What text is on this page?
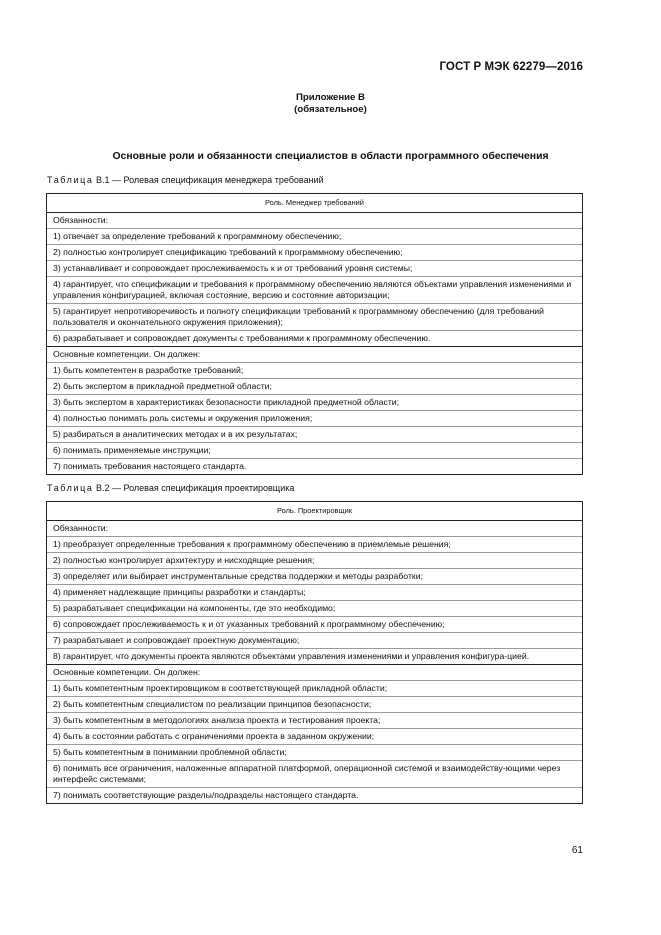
ГОСТ Р МЭК 62279—2016
Приложение В
(обязательное)
Основные роли и обязанности специалистов в области программного обеспечения
Таблица В.1 — Ролевая спецификация менеджера требований
Роль. Менеджер требований

Обязанности:
1) отвечает за определение требований к программному обеспечению;
2) полностью контролирует спецификацию требований к программному обеспечению;
3) устанавливает и сопровождает прослеживаемость к и от требований уровня системы;
4) гарантирует, что спецификации и требования к программному обеспечению являются объектами управления изменениями и управления конфигурацией, включая состояние, версию и состояние авторизации;
5) гарантирует непротиворечивость и полноту спецификации требований к программному обеспечению (для требований пользователя и окончательного окружения приложения);
6) разрабатывает и сопровождает документы с требованиями к программному обеспечению.

Основные компетенции. Он должен:
1) быть компетентен в разработке требований;
2) быть экспертом в прикладной предметной области;
3) быть экспертом в характеристиках безопасности прикладной предметной области;
4) полностью понимать роль системы и окружения приложения;
5) разбираться в аналитических методах и в их результатах;
6) понимать применяемые инструкции;
7) понимать требования настоящего стандарта.
Таблица В.2 — Ролевая спецификация проектировщика
Роль. Проектировщик

Обязанности:
1) преобразует определенные требования к программному обеспечению в приемлемые решения;
2) полностью контролирует архитектуру и нисходящие решения;
3) определяет или выбирает инструментальные средства поддержки и методы разработки;
4) применяет надлежащие принципы разработки и стандарты;
5) разрабатывает спецификации на компоненты, где это необходимо;
6) сопровождает прослеживаемость к и от указанных требований к программному обеспечению;
7) разрабатывает и сопровождает проектную документацию;
8) гарантирует, что документы проекта являются объектами управления изменениями и управления конфигура-цией.

Основные компетенции. Он должен:
1) быть компетентным проектировщиком в соответствующей прикладной области;
2) быть компетентным специалистом по реализации принципов безопасности;
3) быть компетентным в методологиях анализа проекта и тестирования проекта;
4) быть в состоянии работать с ограничениями проекта в заданном окружении;
5) быть компетентным в понимании проблемной области;
6) понимать все ограничения, наложенные аппаратной платформой, операционной системой и взаимодейству-ющими через интерфейс системами;
7) понимать соответствующие разделы/подразделы настоящего стандарта.
61
